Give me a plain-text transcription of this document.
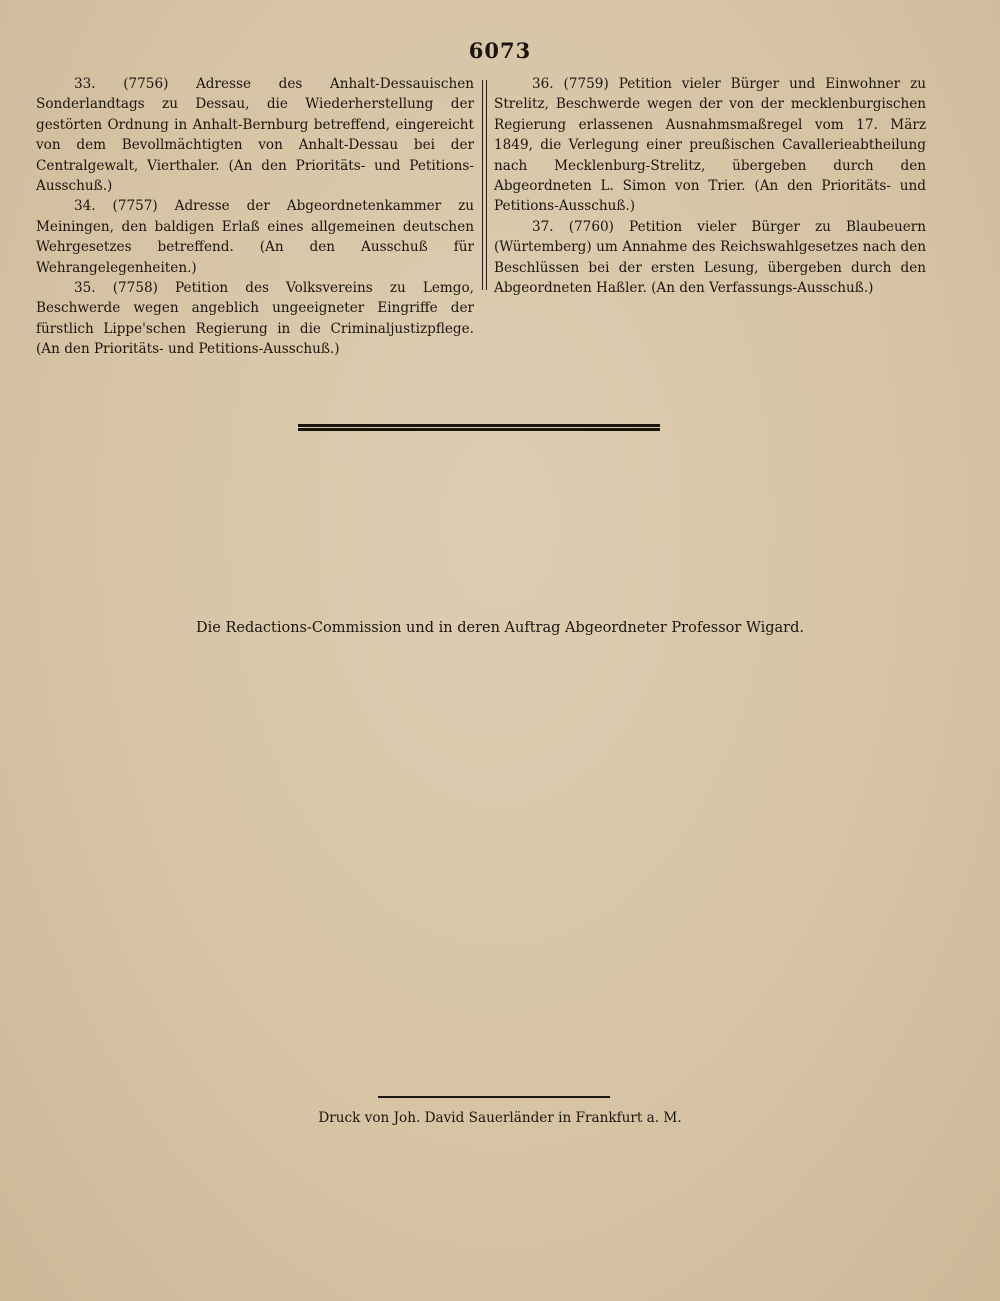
6073

33. (7756) Adresse des Anhalt-Dessauischen Sonderlandtags zu Dessau, die Wiederherstellung der gestörten Ordnung in Anhalt-Bernburg betreffend, eingereicht von dem Bevollmächtigten von Anhalt-Dessau bei der Centralgewalt, Vierthaler. (An den Prioritäts- und Petitions-Ausschuß.)

34. (7757) Adresse der Abgeordnetenkammer zu Meiningen, den baldigen Erlaß eines allgemeinen deutschen Wehrgesetzes betreffend. (An den Ausschuß für Wehrangelegenheiten.)

35. (7758) Petition des Volksvereins zu Lemgo, Beschwerde wegen angeblich ungeeigneter Eingriffe der fürstlich Lippe'schen Regierung in die Criminaljustizpflege. (An den Prioritäts- und Petitions-Ausschuß.)

36. (7759) Petition vieler Bürger und Einwohner zu Strelitz, Beschwerde wegen der von der mecklenburgischen Regierung erlassenen Ausnahmsmaßregel vom 17. März 1849, die Verlegung einer preußischen Cavallerieabtheilung nach Mecklenburg-Strelitz, übergeben durch den Abgeordneten L. Simon von Trier. (An den Prioritäts- und Petitions-Ausschuß.)

37. (7760) Petition vieler Bürger zu Blaubeuern (Würtemberg) um Annahme des Reichswahlgesetzes nach den Beschlüssen bei der ersten Lesung, übergeben durch den Abgeordneten Haßler. (An den Verfassungs-Ausschuß.)

Die Redactions-Commission und in deren Auftrag Abgeordneter Professor Wigard.
Druck von Joh. David Sauerländer in Frankfurt a. M.
